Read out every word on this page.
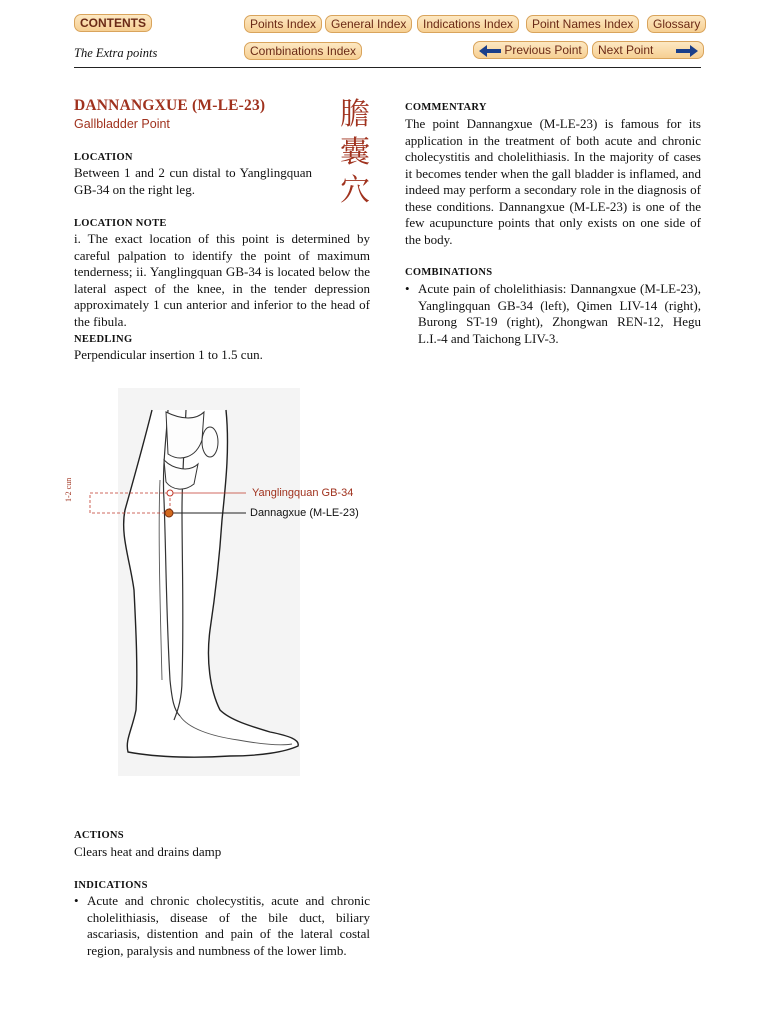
CONTENTS	Points Index	General Index	Indications Index	Point Names Index	Glossary
The Extra points	Combinations Index	Previous Point	Next Point
DANNANGXUE (M-LE-23)
Gallbladder Point	膽
囊
穴
LOCATION
Between 1 and 2 cun distal to Yanglingquan GB-34 on the right leg.
LOCATION NOTE
i. The exact location of this point is determined by careful palpation to identify the point of maximum tenderness; ii. Yanglingquan GB-34 is located below the lateral aspect of the knee, in the tender depression approximately 1 cun anterior and inferior to the head of the fibula.
NEEDLING
Perpendicular insertion 1 to 1.5 cun.
1-2 cun	Yanglingquan GB-34
Dannagxue (M-LE-23)
ACTIONS
Clears heat and drains damp
INDICATIONS
• Acute and chronic cholecystitis, acute and chronic cholelithiasis, disease of the bile duct, biliary ascariasis, distention and pain of the lateral costal region, paralysis and numbness of the lower limb.
COMMENTARY
The point Dannangxue (M-LE-23) is famous for its application in the treatment of both acute and chronic cholecystitis and cholelithiasis. In the majority of cases it becomes tender when the gall bladder is inflamed, and indeed may perform a secondary role in the diagnosis of these conditions. Dannangxue (M-LE-23) is one of the few acupuncture points that only exists on one side of the body.
COMBINATIONS
• Acute pain of cholelithiasis: Dannangxue (M-LE-23), Yanglingquan GB-34 (left), Qimen LIV-14 (right), Burong ST-19 (right), Zhongwan REN-12, Hegu L.I.-4 and Taichong LIV-3.
